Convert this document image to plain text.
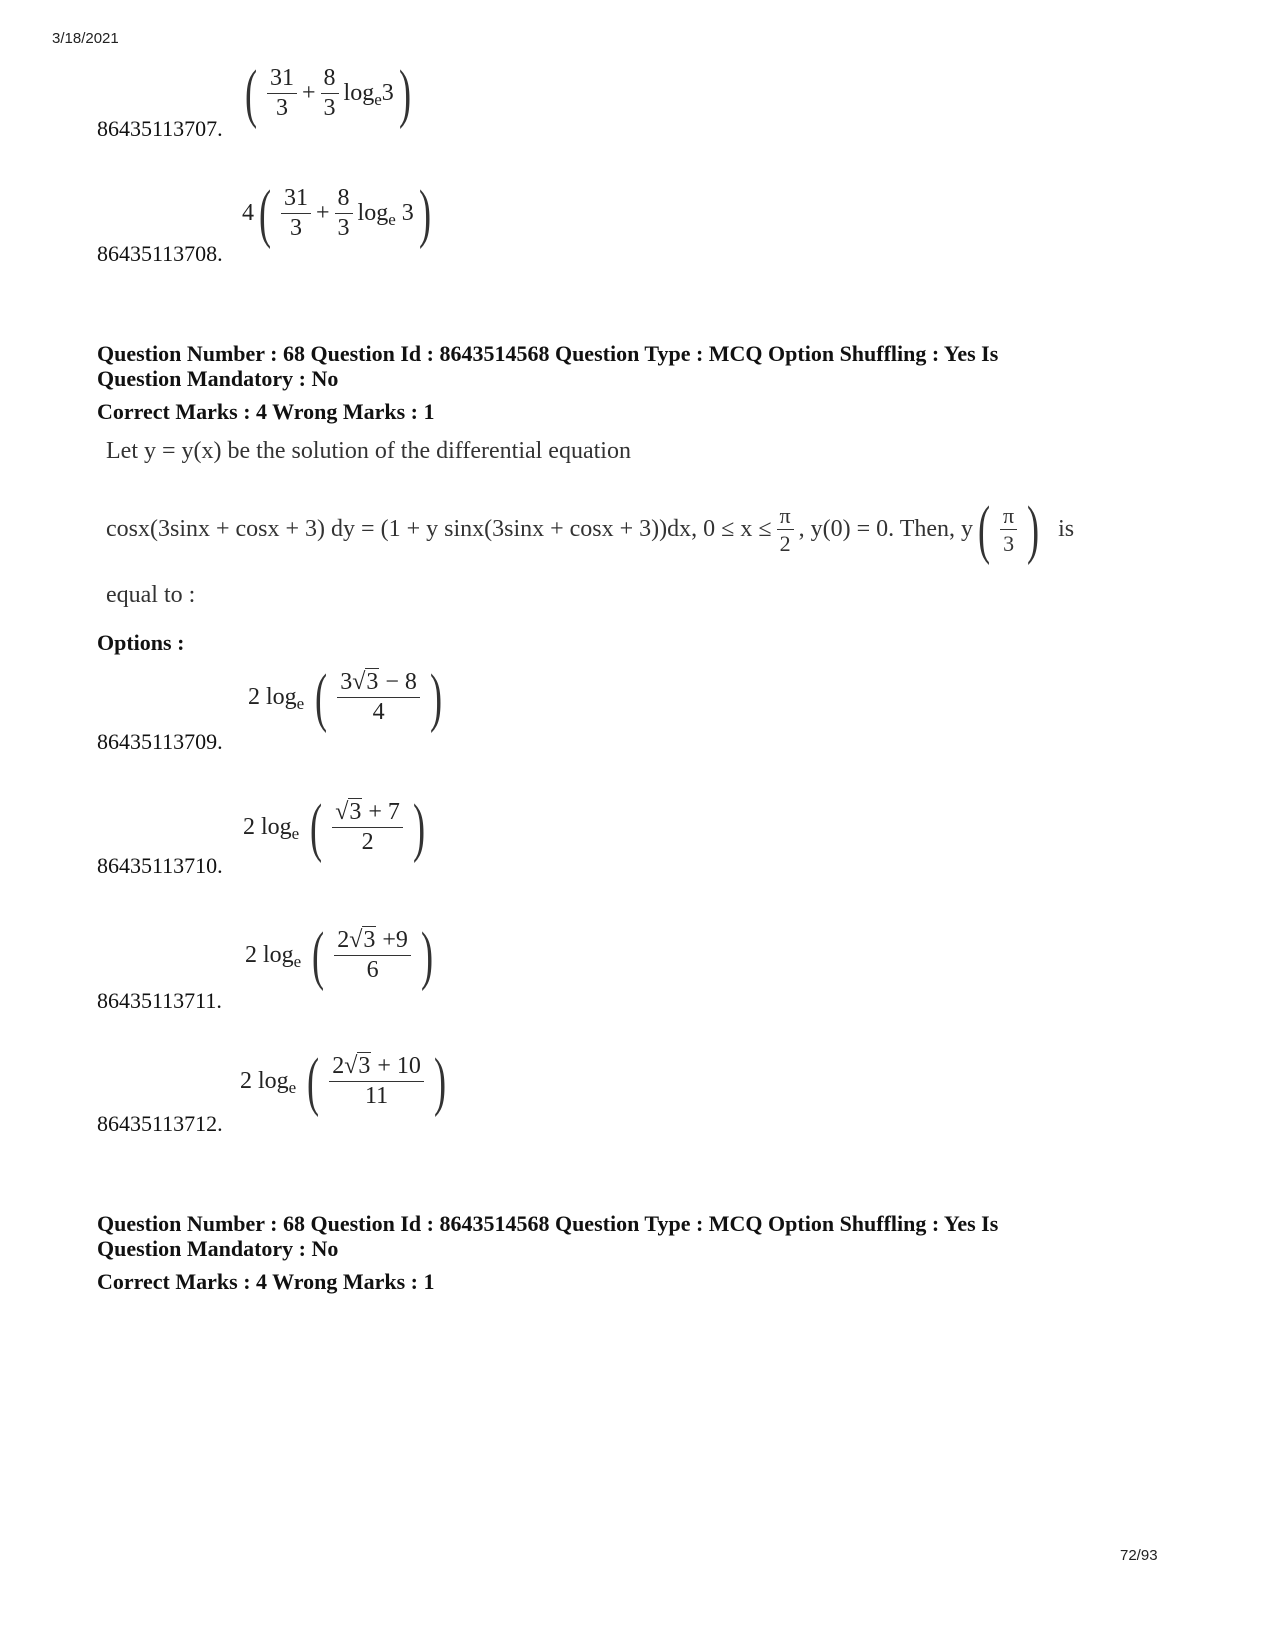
3/18/2021
( $\frac{31}{3} + \frac{8}{3}$ log e 3 )
86435113707.
4 ( $\frac{31}{3} + \frac{8}{3}$ log e 3 )
86435113708.
Question Number : 68 Question Id : 8643514568 Question Type : MCQ Option Shuffling : Yes Is
Question Mandatory : No
Correct Marks : 4 Wrong Marks : 1
Let y = y(x) be the solution of the differential equation
cosx(3sinx + cosx + 3) dy = (1 + y sinx(3sinx + cosx + 3))dx, $0 \le x \le \frac{\pi}{2}$ , y(0) = 0. Then, y ( $\frac{\pi}{3}$ ) is
equal to :
Options :
2 log e ( $\frac{3√3 - 8}{4}$ )
86435113709.
2 log e ( $\frac{√3 + 7}{2}$ )
86435113710.
2 log e ( $\frac{2√3 +9}{6}$ )
86435113711.
2 log e ( $\frac{2√3 + 10}{11}$ )
86435113712.
Question Number : 68 Question Id : 8643514568 Question Type : MCQ Option Shuffling : Yes Is
Question Mandatory : No
Correct Marks : 4 Wrong Marks : 1
72/93
